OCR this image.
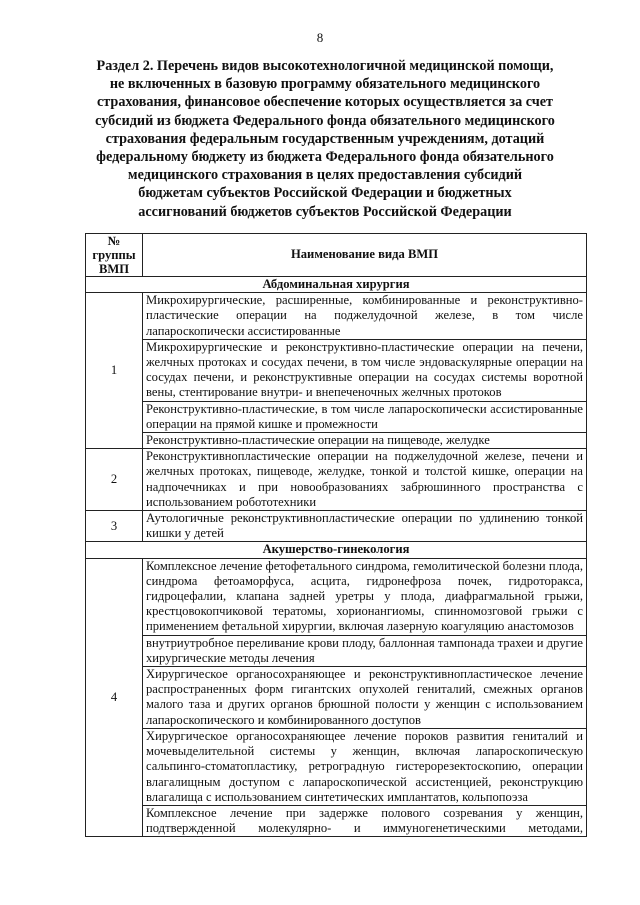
8
Раздел 2. Перечень видов высокотехнологичной медицинской помощи, не включенных в базовую программу обязательного медицинского страхования, финансовое обеспечение которых осуществляется за счет субсидий из бюджета Федерального фонда обязательного медицинского страхования федеральным государственным учреждениям, дотаций федеральному бюджету из бюджета Федерального фонда обязательного медицинского страхования в целях предоставления субсидий бюджетам субъектов Российской Федерации и бюджетных ассигнований бюджетов субъектов Российской Федерации
№ группы ВМП	Наименование вида ВМП
Абдоминальная хирургия	
1	Микрохирургические, расширенные, комбинированные и реконструктивно-пластические операции на поджелудочной железе, в том числе лапароскопически ассистированные
	Микрохирургические и реконструктивно-пластические операции на печени, желчных протоках и сосудах печени, в том числе эндоваскулярные операции на сосудах печени, и реконструктивные операции на сосудах системы воротной вены, стентирование внутри- и внепеченочных желчных протоков
	Реконструктивно-пластические, в том числе лапароскопически ассистированные операции на прямой кишке и промежности
	Реконструктивно-пластические операции на пищеводе, желудке
2	Реконструктивнопластические операции на поджелудочной железе, печени и желчных протоках, пищеводе, желудке, тонкой и толстой кишке, операции на надпочечниках и при новообразованиях забрюшинного пространства с использованием робототехники
3	Аутологичные реконструктивнопластические операции по удлинению тонкой кишки у детей
Акушерство-гинекология	
4	Комплексное лечение фетофетального синдрома, гемолитической болезни плода, синдрома фетоаморфуса, асцита, гидронефроза почек, гидроторакса, гидроцефалии, клапана задней уретры у плода, диафрагмальной грыжи, крестцовокопчиковой тератомы, хорионангиомы, спинномозговой грыжи с применением фетальной хирургии, включая лазерную коагуляцию анастомозов
	внутриутробное переливание крови плоду, баллонная тампонада трахеи и другие хирургические методы лечения
	Хирургическое органосохраняющее и реконструктивнопластическое лечение распространенных форм гигантских опухолей гениталий, смежных органов малого таза и других органов брюшной полости у женщин с использованием лапароскопического и комбинированного доступов
	Хирургическое органосохраняющее лечение пороков развития гениталий и мочевыделительной системы у женщин, включая лапароскопическую сальпинго-стоматопластику, ретроградную гистерорезектоскопию, операции влагалищным доступом с лапароскопической ассистенцией, реконструкцию влагалища с использованием синтетических имплантатов, кольпопоэза
	Комплексное лечение при задержке полового созревания у женщин, подтвержденной молекулярно- и иммуногенетическими методами,
